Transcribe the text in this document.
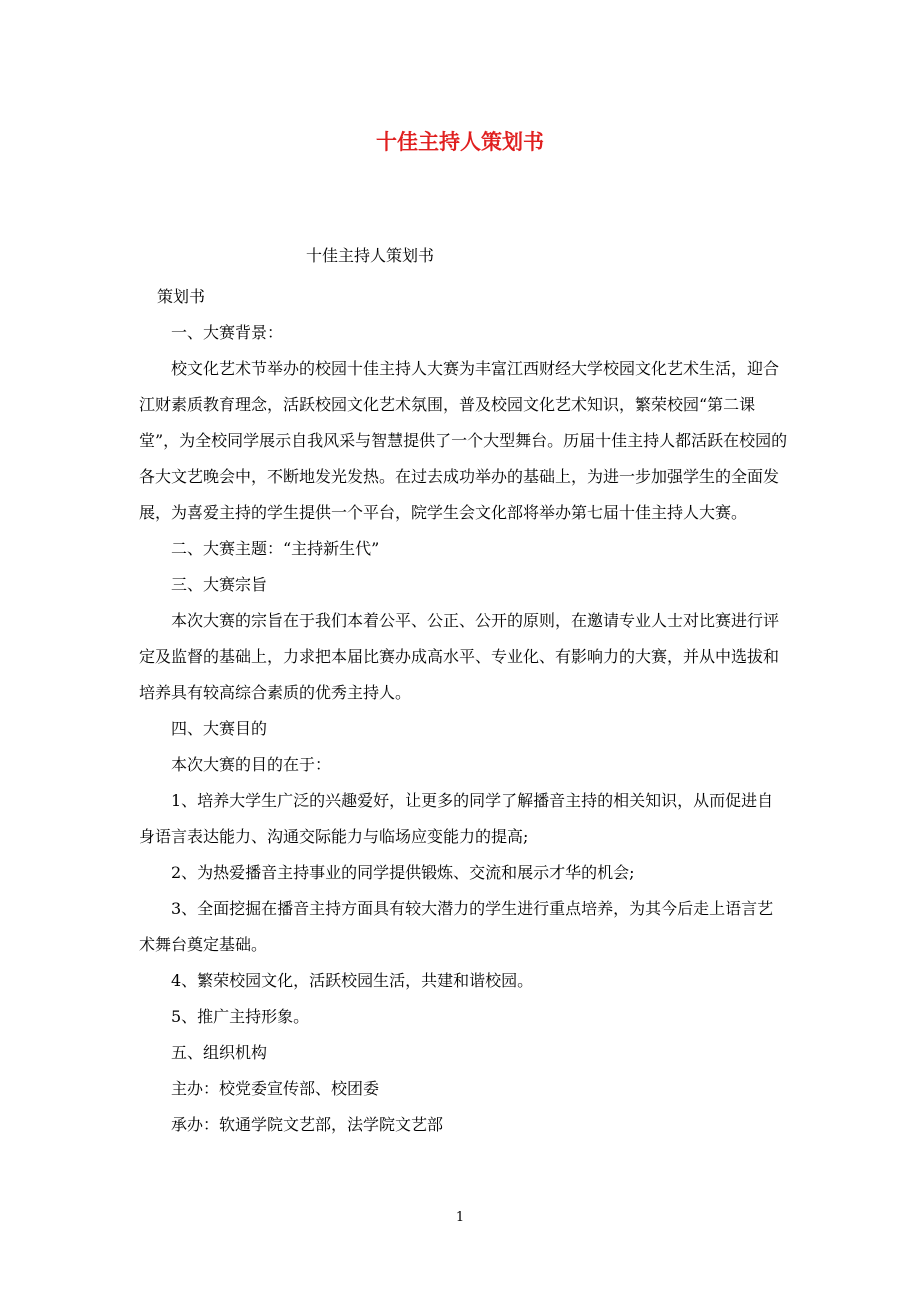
十佳主持人策划书
十佳主持人策划书

策划书

一、大赛背景：

校文化艺术节举办的校园十佳主持人大赛为丰富江西财经大学校园文化艺术生活，迎合江财素质教育理念，活跃校园文化艺术氛围，普及校园文化艺术知识，繁荣校园“第二课堂”，为全校同学展示自我风采与智慧提供了一个大型舞台。历届十佳主持人都活跃在校园的各大文艺晚会中，不断地发光发热。在过去成功举办的基础上，为进一步加强学生的全面发展，为喜爱主持的学生提供一个平台，院学生会文化部将举办第七届十佳主持人大赛。

二、大赛主题：“主持新生代”

三、大赛宗旨

本次大赛的宗旨在于我们本着公平、公正、公开的原则，在邀请专业人士对比赛进行评定及监督的基础上，力求把本届比赛办成高水平、专业化、有影响力的大赛，并从中选拔和培养具有较高综合素质的优秀主持人。

四、大赛目的

本次大赛的目的在于：

1、培养大学生广泛的兴趣爱好，让更多的同学了解播音主持的相关知识，从而促进自身语言表达能力、沟通交际能力与临场应变能力的提高;

2、为热爱播音主持事业的同学提供锻炼、交流和展示才华的机会;

3、全面挖掘在播音主持方面具有较大潜力的学生进行重点培养，为其今后走上语言艺术舞台奠定基础。

4、繁荣校园文化，活跃校园生活，共建和谐校园。

5、推广主持形象。

五、组织机构

主办：校党委宣传部、校团委

承办：软通学院文艺部，法学院文艺部

1
